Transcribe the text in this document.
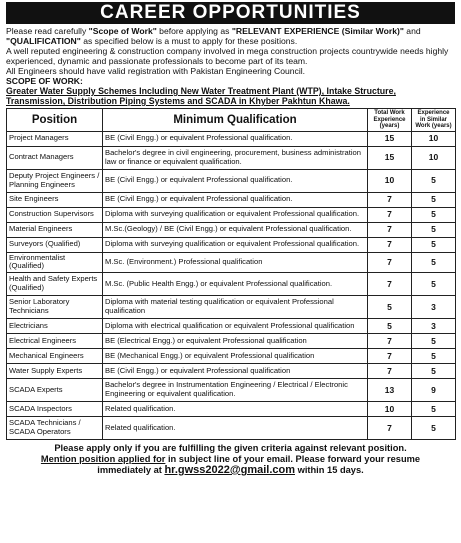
CAREER OPPORTUNITIES

Please read carefully "Scope of Work" before applying as "RELEVANT EXPERIENCE (Similar Work)" and "QUALIFICATION" as specified below is a must to apply for these positions.

A well reputed engineering & construction company involved in mega construction projects countrywide needs highly experienced, dynamic and passionate professionals to become part of its team.

All Engineers should have valid registration with Pakistan Engineering Council.

SCOPE OF WORK:
Greater Water Supply Schemes Including New Water Treatment Plant (WTP), Intake Structure, Transmission, Distribution Piping Systems and SCADA in Khyber Pakhtun Khawa.
Position	Minimum Qualification	Total Work Experience (years)	Experience in Similar Work (years)
Project Managers	BE (Civil Engg.) or equivalent Professional qualification.	15	10
Contract Managers	Bachelor's degree in civil engineering, procurement, business administration law or finance or equivalent qualification.	15	10
Deputy Project Engineers / Planning Engineers	BE (Civil Engg.) or equivalent Professional qualification.	10	5
Site Engineers	BE (Civil Engg.) or equivalent Professional qualification.	7	5
Construction Supervisors	Diploma with surveying qualification or equivalent Professional qualification.	7	5
Material Engineers	M.Sc.(Geology) / BE (Civil Engg.) or equivalent Professional qualification.	7	5
Surveyors (Qualified)	Diploma with surveying qualification or equivalent Professional qualification.	7	5
Environmentalist (Qualified)	M.Sc. (Environment.) Professional qualification	7	5
Health and Safety Experts (Qualified)	M.Sc. (Public Health Engg.) or equivalent Professional qualification.	7	5
Senior Laboratory Technicians	Diploma with material testing qualification or equivalent Professional qualification	5	3
Electricians	Diploma with electrical qualification or equivalent Professional qualification	5	3
Electrical Engineers	BE (Electrical Engg.) or equivalent Professional qualification	7	5
Mechanical Engineers	BE (Mechanical Engg.) or equivalent Professional qualification	7	5
Water Supply Experts	BE (Civil Engg.) or equivalent Professional qualification	7	5
SCADA Experts	Bachelor's degree in Instrumentation Engineering / Electrical / Electronic Engineering or equivalent qualification.	13	9
SCADA Inspectors	Related qualification.	10	5
SCADA Technicians / SCADA Operators	Related qualification.	7	5
Please apply only if you are fulfilling the given criteria against relevant position.
Mention position applied for in subject line of your email. Please forward your resume
immediately at hr.gwss2022@gmail.com within 15 days.
